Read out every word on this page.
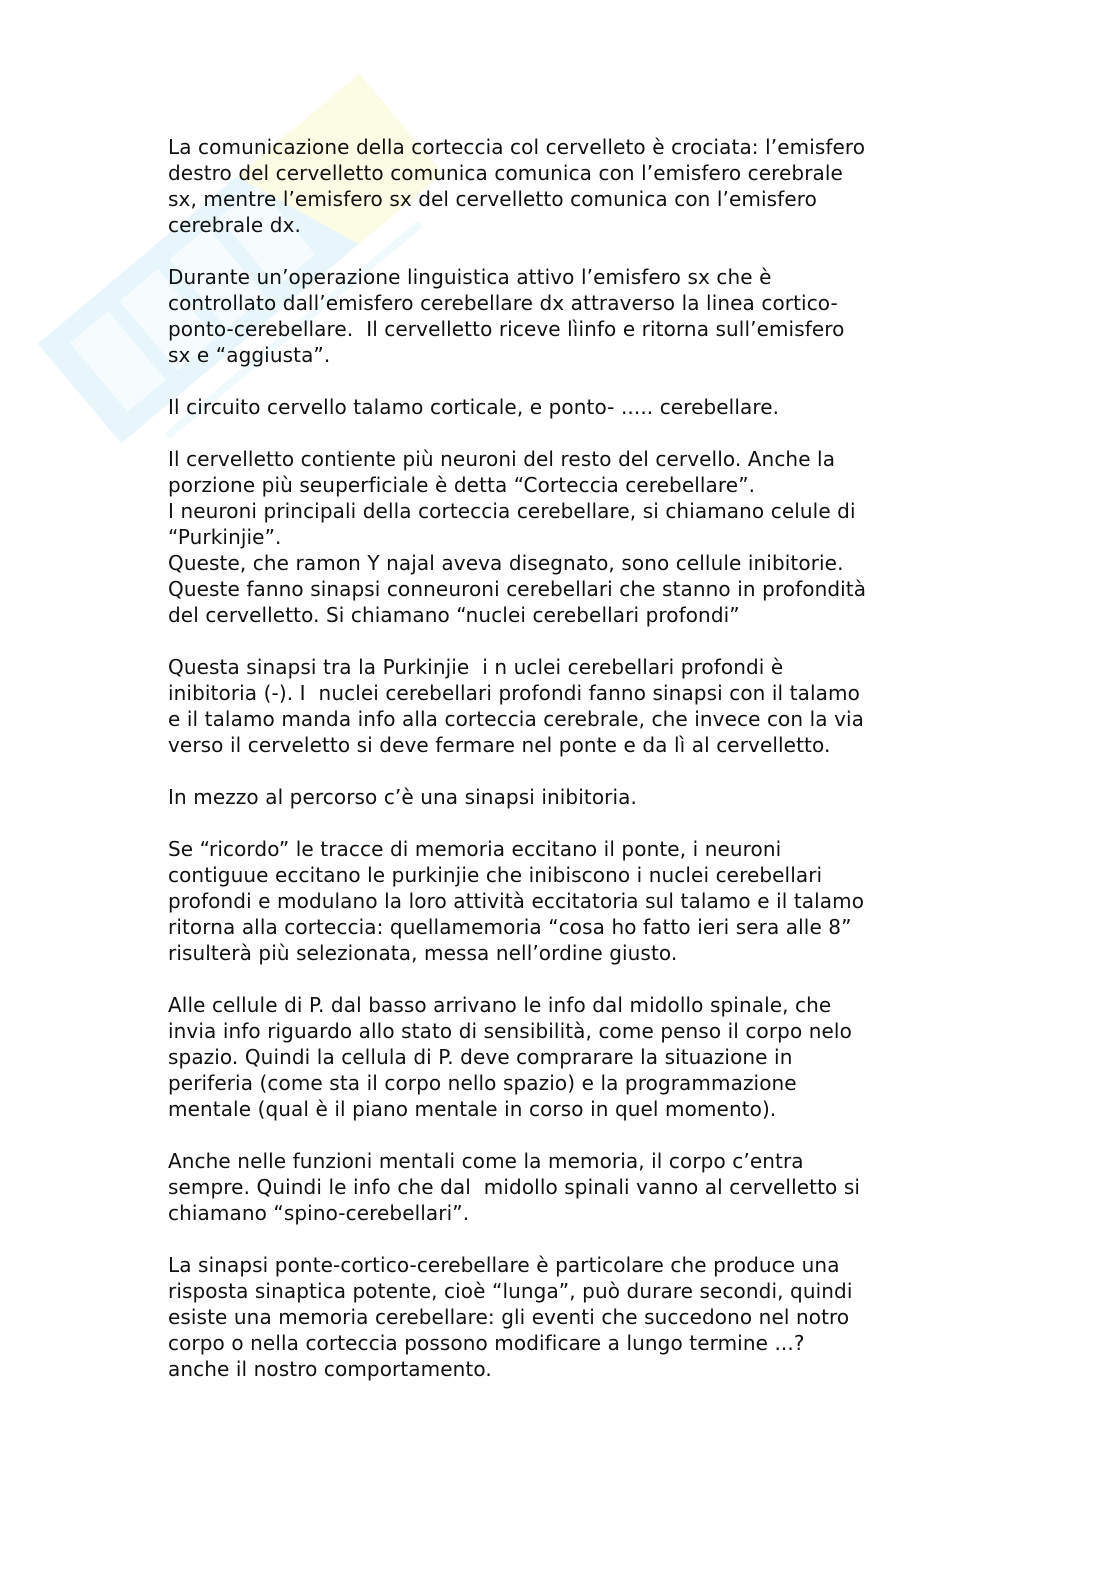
La comunicazione della corteccia col cervelleto è crociata: l’emisfero
destro del cervelletto comunica comunica con l’emisfero cerebrale
sx, mentre l’emisfero sx del cervelletto comunica con l’emisfero
cerebrale dx.

Durante un’operazione linguistica attivo l’emisfero sx che è
controllato dall’emisfero cerebellare dx attraverso la linea cortico-
ponto-cerebellare.  Il cervelletto riceve lìinfo e ritorna sull’emisfero
sx e “aggiusta”.

Il circuito cervello talamo corticale, e ponto- ..... cerebellare.

Il cervelletto contiente più neuroni del resto del cervello. Anche la
porzione più seuperficiale è detta “Corteccia cerebellare”.
I neuroni principali della corteccia cerebellare, si chiamano celule di
“Purkinjie”.
Queste, che ramon Y najal aveva disegnato, sono cellule inibitorie.
Queste fanno sinapsi conneuroni cerebellari che stanno in profondità
del cervelletto. Si chiamano “nuclei cerebellari profondi”

Questa sinapsi tra la Purkinjie  i n uclei cerebellari profondi è
inibitoria (-). I  nuclei cerebellari profondi fanno sinapsi con il talamo
e il talamo manda info alla corteccia cerebrale, che invece con la via
verso il cerveletto si deve fermare nel ponte e da lì al cervelletto.

In mezzo al percorso c’è una sinapsi inibitoria.

Se “ricordo” le tracce di memoria eccitano il ponte, i neuroni
contiguue eccitano le purkinjie che inibiscono i nuclei cerebellari
profondi e modulano la loro attività eccitatoria sul talamo e il talamo
ritorna alla corteccia: quellamemoria “cosa ho fatto ieri sera alle 8”
risulterà più selezionata, messa nell’ordine giusto.

Alle cellule di P. dal basso arrivano le info dal midollo spinale, che
invia info riguardo allo stato di sensibilità, come penso il corpo nelo
spazio. Quindi la cellula di P. deve comprarare la situazione in
periferia (come sta il corpo nello spazio) e la programmazione
mentale (qual è il piano mentale in corso in quel momento).

Anche nelle funzioni mentali come la memoria, il corpo c’entra
sempre. Quindi le info che dal  midollo spinali vanno al cervelletto si
chiamano “spino-cerebellari”.

La sinapsi ponte-cortico-cerebellare è particolare che produce una
risposta sinaptica potente, cioè “lunga”, può durare secondi, quindi
esiste una memoria cerebellare: gli eventi che succedono nel notro
corpo o nella corteccia possono modificare a lungo termine ...?
anche il nostro comportamento.
